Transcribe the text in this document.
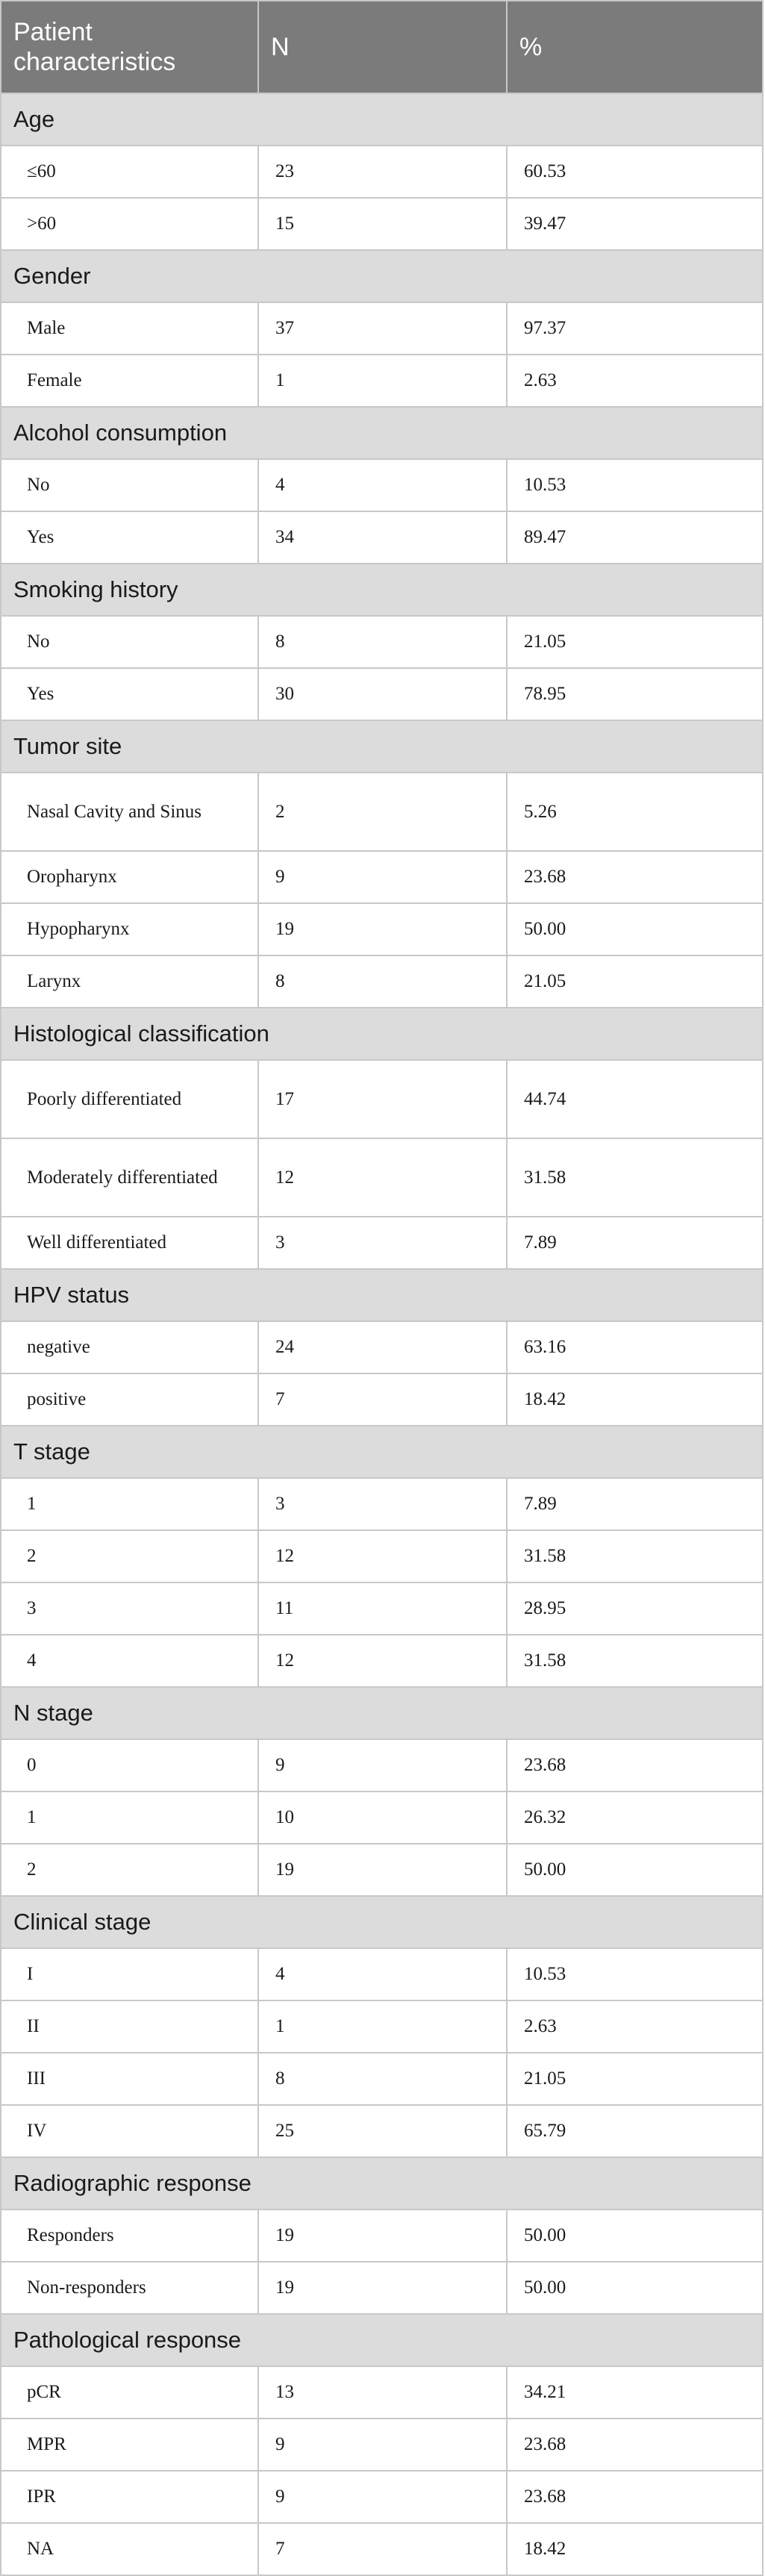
Patient characteristics	N	%
Age		
≤60	23	60.53
>60	15	39.47
Gender		
Male	37	97.37
Female	1	2.63
Alcohol consumption		
No	4	10.53
Yes	34	89.47
Smoking history		
No	8	21.05
Yes	30	78.95
Tumor site		
Nasal Cavity and Sinus	2	5.26
Oropharynx	9	23.68
Hypopharynx	19	50.00
Larynx	8	21.05
Histological classification		
Poorly differentiated	17	44.74
Moderately differentiated	12	31.58
Well differentiated	3	7.89
HPV status		
negative	24	63.16
positive	7	18.42
T stage		
1	3	7.89
2	12	31.58
3	11	28.95
4	12	31.58
N stage		
0	9	23.68
1	10	26.32
2	19	50.00
Clinical stage		
I	4	10.53
II	1	2.63
III	8	21.05
IV	25	65.79
Radiographic response		
Responders	19	50.00
Non-responders	19	50.00
Pathological response		
pCR	13	34.21
MPR	9	23.68
IPR	9	23.68
NA	7	18.42
